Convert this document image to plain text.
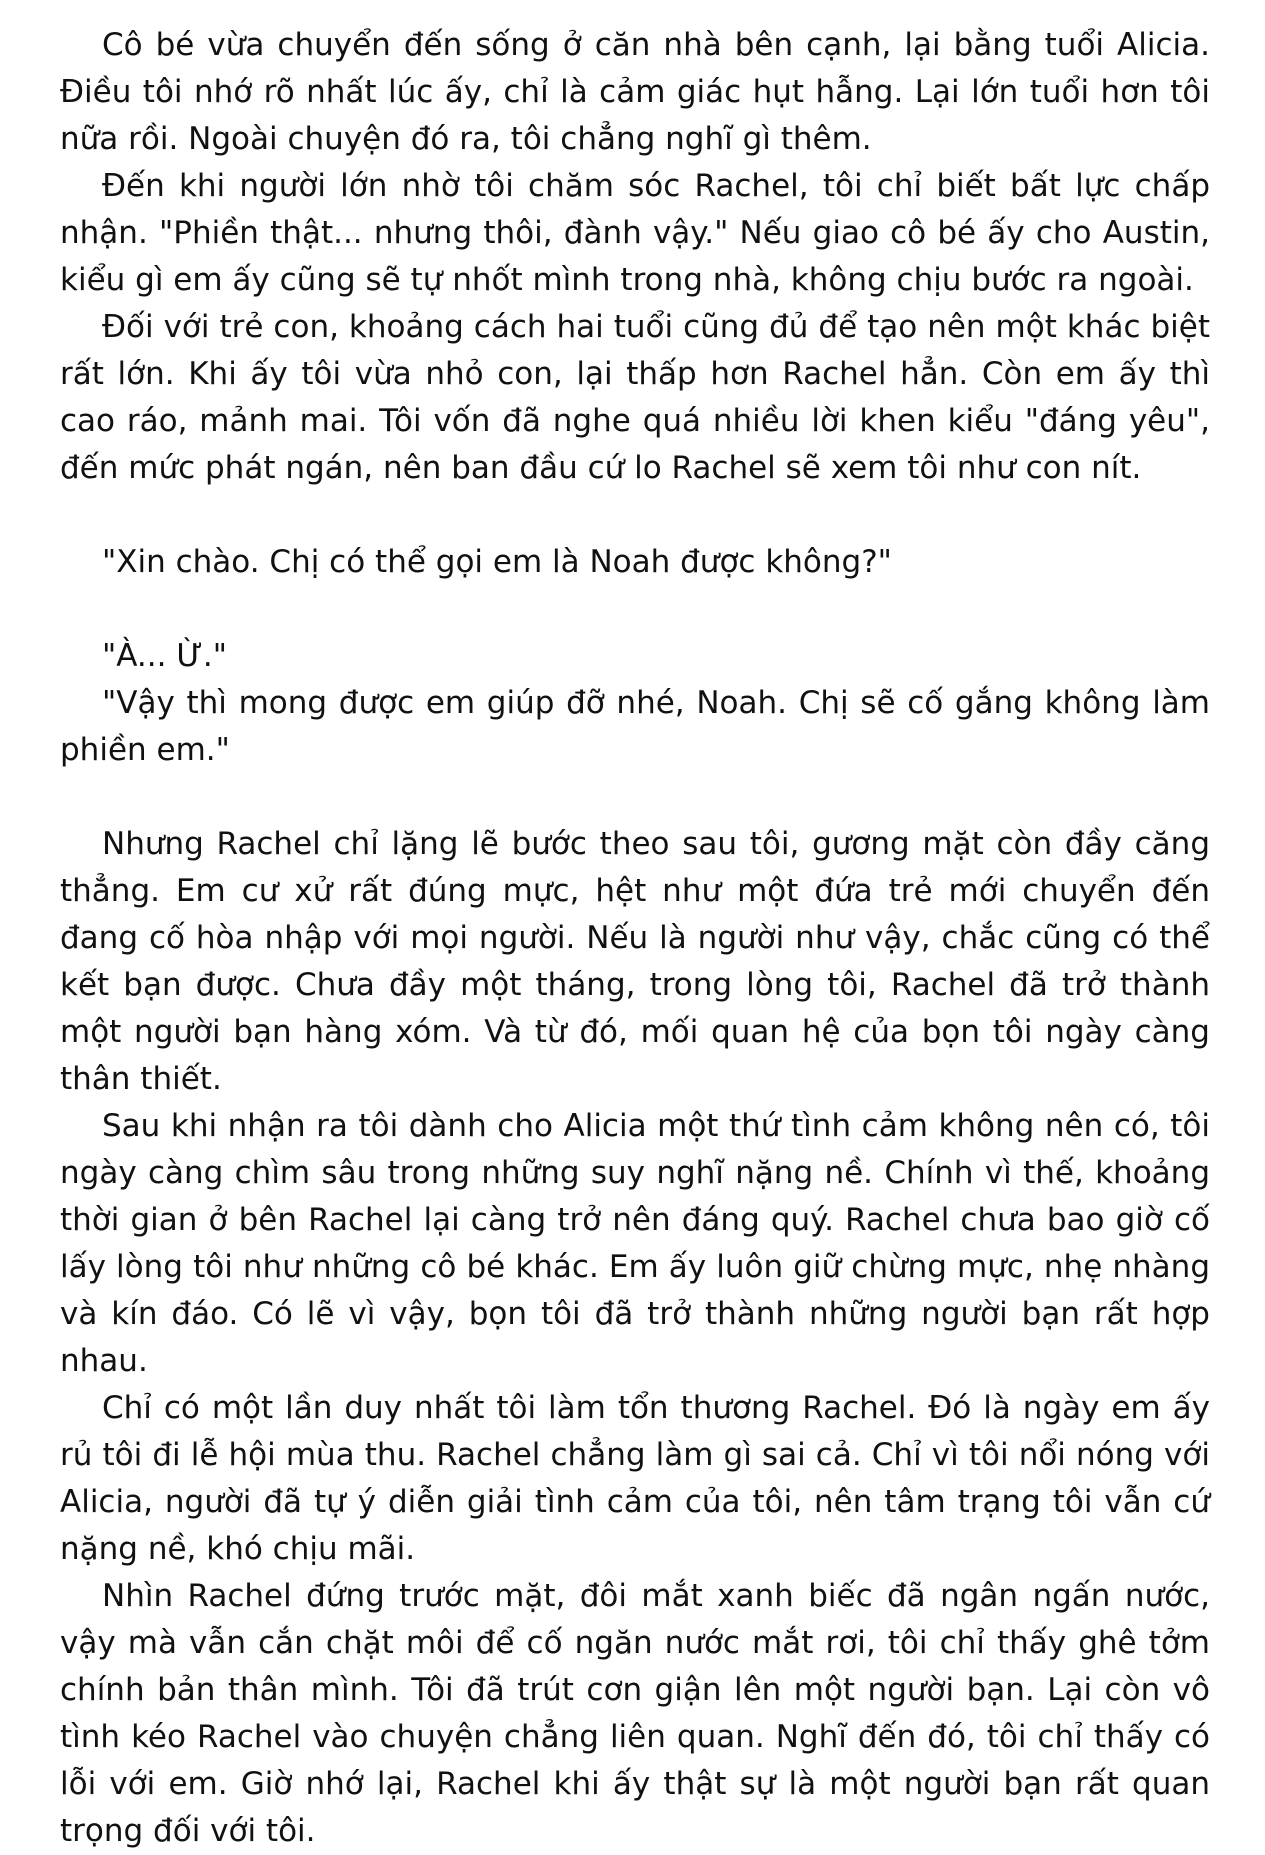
Cô bé vừa chuyển đến sống ở căn nhà bên cạnh, lại bằng tuổi Alicia. Điều tôi nhớ rõ nhất lúc ấy, chỉ là cảm giác hụt hẫng. Lại lớn tuổi hơn tôi nữa rồi. Ngoài chuyện đó ra, tôi chẳng nghĩ gì thêm.

Đến khi người lớn nhờ tôi chăm sóc Rachel, tôi chỉ biết bất lực chấp nhận. "Phiền thật... nhưng thôi, đành vậy." Nếu giao cô bé ấy cho Austin, kiểu gì em ấy cũng sẽ tự nhốt mình trong nhà, không chịu bước ra ngoài.

Đối với trẻ con, khoảng cách hai tuổi cũng đủ để tạo nên một khác biệt rất lớn. Khi ấy tôi vừa nhỏ con, lại thấp hơn Rachel hẳn. Còn em ấy thì cao ráo, mảnh mai. Tôi vốn đã nghe quá nhiều lời khen kiểu "đáng yêu", đến mức phát ngán, nên ban đầu cứ lo Rachel sẽ xem tôi như con nít.

"Xin chào. Chị có thể gọi em là Noah được không?"

"À... Ừ."

"Vậy thì mong được em giúp đỡ nhé, Noah. Chị sẽ cố gắng không làm phiền em."

Nhưng Rachel chỉ lặng lẽ bước theo sau tôi, gương mặt còn đầy căng thẳng. Em cư xử rất đúng mực, hệt như một đứa trẻ mới chuyển đến đang cố hòa nhập với mọi người. Nếu là người như vậy, chắc cũng có thể kết bạn được. Chưa đầy một tháng, trong lòng tôi, Rachel đã trở thành một người bạn hàng xóm. Và từ đó, mối quan hệ của bọn tôi ngày càng thân thiết.

Sau khi nhận ra tôi dành cho Alicia một thứ tình cảm không nên có, tôi ngày càng chìm sâu trong những suy nghĩ nặng nề. Chính vì thế, khoảng thời gian ở bên Rachel lại càng trở nên đáng quý. Rachel chưa bao giờ cố lấy lòng tôi như những cô bé khác. Em ấy luôn giữ chừng mực, nhẹ nhàng và kín đáo. Có lẽ vì vậy, bọn tôi đã trở thành những người bạn rất hợp nhau.

Chỉ có một lần duy nhất tôi làm tổn thương Rachel. Đó là ngày em ấy rủ tôi đi lễ hội mùa thu. Rachel chẳng làm gì sai cả. Chỉ vì tôi nổi nóng với Alicia, người đã tự ý diễn giải tình cảm của tôi, nên tâm trạng tôi vẫn cứ nặng nề, khó chịu mãi.

Nhìn Rachel đứng trước mặt, đôi mắt xanh biếc đã ngân ngấn nước, vậy mà vẫn cắn chặt môi để cố ngăn nước mắt rơi, tôi chỉ thấy ghê tởm chính bản thân mình. Tôi đã trút cơn giận lên một người bạn. Lại còn vô tình kéo Rachel vào chuyện chẳng liên quan. Nghĩ đến đó, tôi chỉ thấy có lỗi với em. Giờ nhớ lại, Rachel khi ấy thật sự là một người bạn rất quan trọng đối với tôi.
